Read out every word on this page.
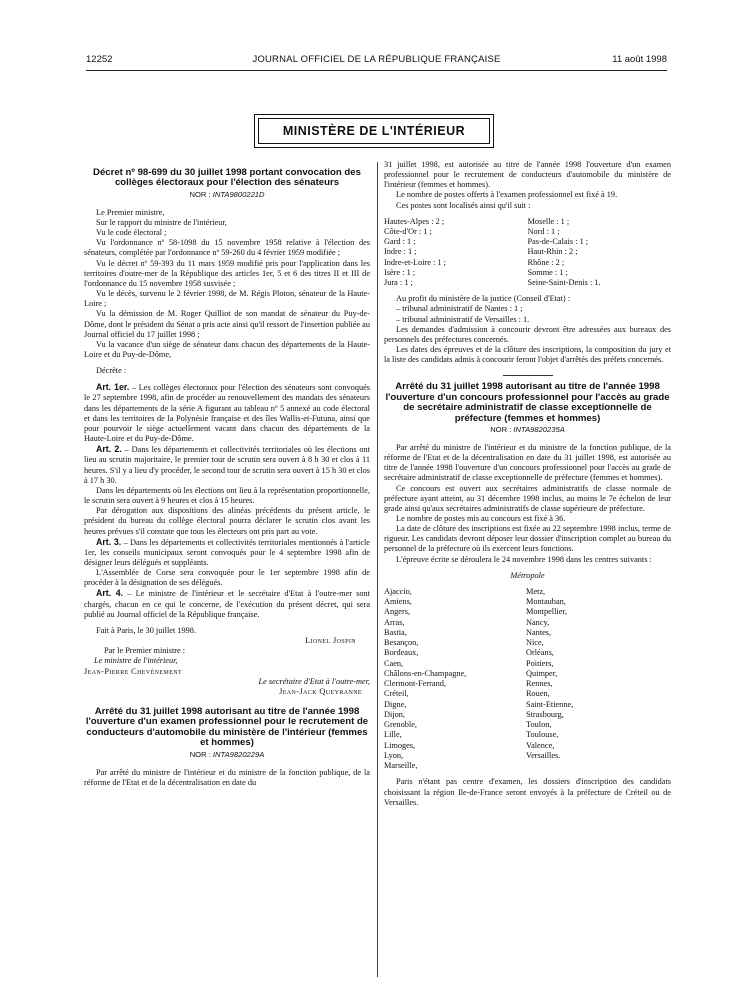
12252	JOURNAL OFFICIEL DE LA RÉPUBLIQUE FRANÇAISE	11 août 1998
MINISTÈRE DE L'INTÉRIEUR

Décret nº 98-699 du 30 juillet 1998 portant convocation des collèges électoraux pour l'élection des sénateurs

NOR : INTA9800221D

Le Premier ministre,

Sur le rapport du ministre de l'intérieur,

Vu le code électoral ;

Vu l'ordonnance nº 58-1098 du 15 novembre 1958 relative à l'élection des sénateurs, complétée par l'ordonnance nº 59-260 du 4 février 1959 modifiée ;

Vu le décret nº 59-393 du 11 mars 1959 modifié pris pour l'application dans les territoires d'outre-mer de la République des articles 1er, 5 et 6 des titres II et III de l'ordonnance du 15 novembre 1958 susvisée ;

Vu le décès, survenu le 2 février 1998, de M. Régis Ploton, sénateur de la Haute-Loire ;

Vu la démission de M. Roger Quilliot de son mandat de sénateur du Puy-de-Dôme, dont le président du Sénat a pris acte ainsi qu'il ressort de l'insertion publiée au Journal officiel du 17 juillet 1998 ;

Vu la vacance d'un siège de sénateur dans chacun des départements de la Haute-Loire et du Puy-de-Dôme,

Décrète :

Art. 1er. – Les collèges électoraux pour l'élection des sénateurs sont convoqués le 27 septembre 1998, afin de procéder au renouvellement des mandats des sénateurs dans les départements de la série A figurant au tableau nº 5 annexé au code électoral et dans les territoires de la Polynésie française et des îles Wallis-et-Futuna, ainsi que pour pourvoir le siège actuellement vacant dans chacun des départements de la Haute-Loire et du Puy-de-Dôme.

Art. 2. – Dans les départements et collectivités territoriales où les élections ont lieu au scrutin majoritaire, le premier tour de scrutin sera ouvert à 8 h 30 et clos à 11 heures. S'il y a lieu d'y procéder, le second tour de scrutin sera ouvert à 15 h 30 et clos à 17 h 30.

Dans les départements où les élections ont lieu à la représentation proportionnelle, le scrutin sera ouvert à 9 heures et clos à 15 heures.

Par dérogation aux dispositions des alinéas précédents du présent article, le président du bureau du collège électoral pourra déclarer le scrutin clos avant les heures prévues s'il constate que tous les électeurs ont pris part au vote.

Art. 3. – Dans les départements et collectivités territoriales mentionnés à l'article 1er, les conseils municipaux seront convoqués pour le 4 septembre 1998 afin de désigner leurs délégués et suppléants.

L'Assemblée de Corse sera convoquée pour le 1er septembre 1998 afin de procéder à la désignation de ses délégués.

Art. 4. – Le ministre de l'intérieur et le secrétaire d'Etat à l'outre-mer sont chargés, chacun en ce qui le concerne, de l'exécution du présent décret, qui sera publié au Journal officiel de la République française.

Fait à Paris, le 30 juillet 1998.

Lionel Jospin

Par le Premier ministre :

Le ministre de l'intérieur,

Jean-Pierre Chevènement

Le secrétaire d'Etat à l'outre-mer,

Jean-Jack Queyranne

Arrêté du 31 juillet 1998 autorisant au titre de l'année 1998 l'ouverture d'un examen professionnel pour le recrutement de conducteurs d'automobile du ministère de l'intérieur (femmes et hommes)

NOR : INTA9820229A

Par arrêté du ministre de l'intérieur et du ministre de la fonction publique, de la réforme de l'Etat et de la décentralisation en date du

31 juillet 1998, est autorisée au titre de l'année 1998 l'ouverture d'un examen professionnel pour le recrutement de conducteurs d'automobile du ministère de l'intérieur (femmes et hommes).

Le nombre de postes offerts à l'examen professionnel est fixé à 19.

Ces postes sont localisés ainsi qu'il suit :

Hautes-Alpes : 2 ;
Côte-d'Or : 1 ;
Gard : 1 ;
Indre : 1 ;
Indre-et-Loire : 1 ;
Isère : 1 ;
Jura : 1 ;
Moselle : 1 ;
Nord : 1 ;
Pas-de-Calais : 1 ;
Haut-Rhin : 2 ;
Rhône : 2 ;
Somme : 1 ;
Seine-Saint-Denis : 1.

Au profit du ministère de la justice (Conseil d'Etat) :

– tribunal administratif de Nantes : 1 ;

– tribunal administratif de Versailles : 1.

Les demandes d'admission à concourir devront être adressées aux bureaux des personnels des préfectures concernés.

Les dates des épreuves et de la clôture des inscriptions, la composition du jury et la liste des candidats admis à concourir feront l'objet d'arrêtés des préfets concernés.

Arrêté du 31 juillet 1998 autorisant au titre de l'année 1998 l'ouverture d'un concours professionnel pour l'accès au grade de secrétaire administratif de classe exceptionnelle de préfecture (femmes et hommes)

NOR : INTA9820235A

Par arrêté du ministre de l'intérieur et du ministre de la fonction publique, de la réforme de l'Etat et de la décentralisation en date du 31 juillet 1998, est autorisée au titre de l'année 1998 l'ouverture d'un concours professionnel pour l'accès au grade de secrétaire administratif de classe exceptionnelle de préfecture (femmes et hommes).

Ce concours est ouvert aux secrétaires administratifs de classe normale de préfecture ayant atteint, au 31 décembre 1998 inclus, au moins le 7e échelon de leur grade ainsi qu'aux secrétaires administratifs de classe supérieure de préfecture.

Le nombre de postes mis au concours est fixé à 36.

La date de clôture des inscriptions est fixée au 22 septembre 1998 inclus, terme de rigueur. Les candidats devront déposer leur dossier d'inscription complet au bureau du personnel de la préfecture où ils exercent leurs fonctions.

L'épreuve écrite se déroulera le 24 novembre 1998 dans les centres suivants :

Métropole

Ajaccio,
Amiens,
Angers,
Arras,
Bastia,
Besançon,
Bordeaux,
Caen,
Châlons-en-Champagne,
Clermont-Ferrand,
Créteil,
Digne,
Dijon,
Grenoble,
Lille,
Limoges,
Lyon,
Marseille,
Metz,
Montauban,
Montpellier,
Nancy,
Nantes,
Nice,
Orléans,
Poitiers,
Quimper,
Rennes,
Rouen,
Saint-Etienne,
Strasbourg,
Toulon,
Toulouse,
Valence,
Versailles.

Paris n'étant pas centre d'examen, les dossiers d'inscription des candidats choisissant la région Ile-de-France seront envoyés à la préfecture de Créteil ou de Versailles.
